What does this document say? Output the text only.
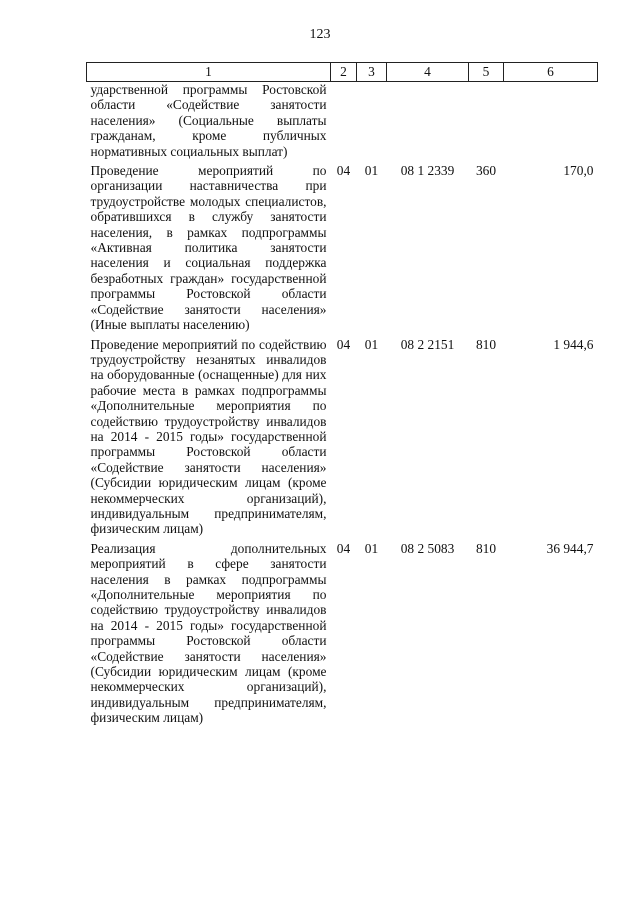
123
1	2	3	4	5	6
ударственной программы Ростовской области «Содействие занятости населения» (Социальные выплаты гражданам, кроме публичных нормативных социальных выплат)					
Проведение мероприятий по организации наставничества при трудоустройстве молодых специалистов, обратившихся в службу занятости населения, в рамках подпрограммы «Активная политика занятости населения и социальная поддержка безработных граждан» государственной программы Ростовской области «Содействие занятости населения» (Иные выплаты населению)	04	01	08 1 2339	360	170,0
Проведение мероприятий по содействию трудоустройству незанятых инвалидов на оборудованные (оснащенные) для них рабочие места в рамках подпрограммы «Дополнительные мероприятия по содействию трудоустройству инвалидов на 2014 - 2015 годы» государственной программы Ростовской области «Содействие занятости населения» (Субсидии юридическим лицам (кроме некоммерческих организаций), индивидуальным предпринимателям, физическим лицам)	04	01	08 2 2151	810	1 944,6
Реализация дополнительных мероприятий в сфере занятости населения в рамках подпрограммы «Дополнительные мероприятия по содействию трудоустройству инвалидов на 2014 - 2015 годы» государственной программы Ростовской области «Содействие занятости населения» (Субсидии юридическим лицам (кроме некоммерческих организаций), индивидуальным предпринимателям, физическим лицам)	04	01	08 2 5083	810	36 944,7
